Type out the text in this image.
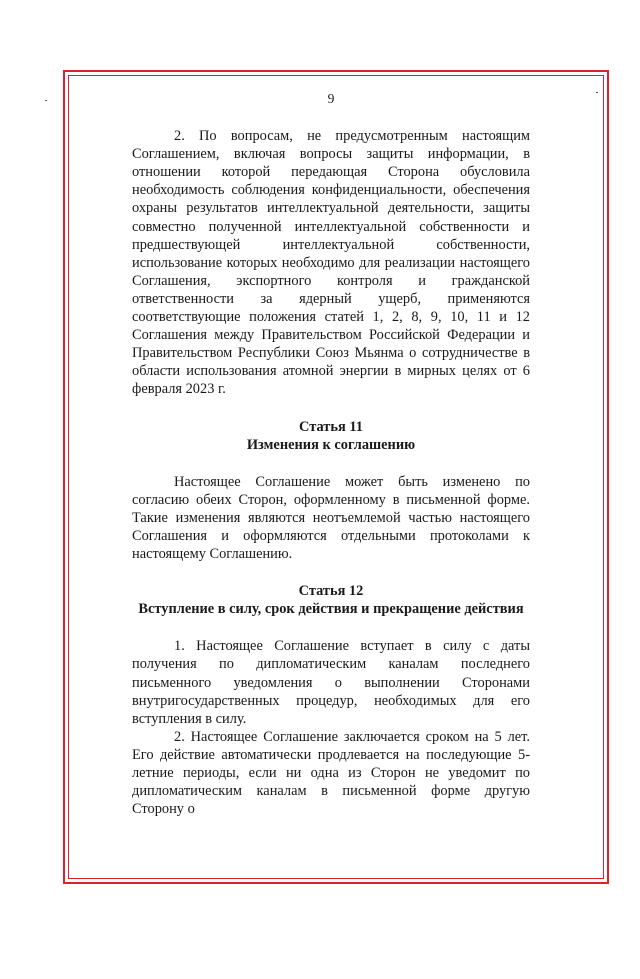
9

2. По вопросам, не предусмотренным настоящим Соглашением, включая вопросы защиты информации, в отношении которой передающая Сторона обусловила необходимость соблюдения конфиденциальности, обеспечения охраны результатов интеллектуальной деятельности, защиты совместно полученной интеллектуальной собственности и предшествующей интеллектуальной собственности, использование которых необходимо для реализации настоящего Соглашения, экспортного контроля и гражданской ответственности за ядерный ущерб, применяются соответствующие положения статей 1, 2, 8, 9, 10, 11 и 12 Соглашения между Правительством Российской Федерации и Правительством Республики Союз Мьянма о сотрудничестве в области использования атомной энергии в мирных целях от 6 февраля 2023 г.

Статья 11
Изменения к соглашению

Настоящее Соглашение может быть изменено по согласию обеих Сторон, оформленному в письменной форме. Такие изменения являются неотъемлемой частью настоящего Соглашения и оформляются отдельными протоколами к настоящему Соглашению.

Статья 12
Вступление в силу, срок действия и прекращение действия

1. Настоящее Соглашение вступает в силу с даты получения по дипломатическим каналам последнего письменного уведомления о выполнении Сторонами внутригосударственных процедур, необходимых для его вступления в силу.

2. Настоящее Соглашение заключается сроком на 5 лет. Его действие автоматически продлевается на последующие 5-летние периоды, если ни одна из Сторон не уведомит по дипломатическим каналам в письменной форме другую Сторону о
